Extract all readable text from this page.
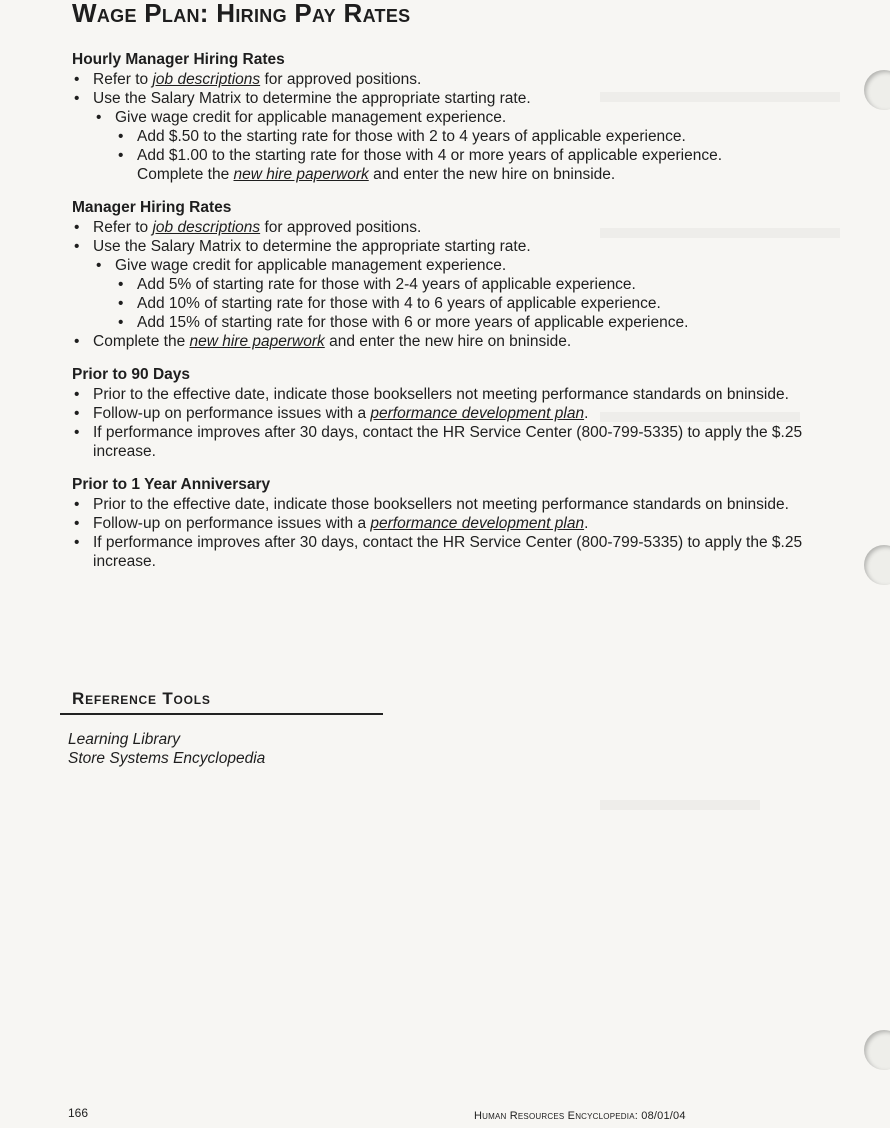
Wage Plan: Hiring Pay Rates
Hourly Manager Hiring Rates
• Refer to job descriptions for approved positions.
• Use the Salary Matrix to determine the appropriate starting rate.
• Give wage credit for applicable management experience.
• Add $.50 to the starting rate for those with 2 to 4 years of applicable experience.
• Add $1.00 to the starting rate for those with 4 or more years of applicable experience.
Complete the new hire paperwork and enter the new hire on bninside.
Manager Hiring Rates
• Refer to job descriptions for approved positions.
• Use the Salary Matrix to determine the appropriate starting rate.
• Give wage credit for applicable management experience.
• Add 5% of starting rate for those with 2-4 years of applicable experience.
• Add 10% of starting rate for those with 4 to 6 years of applicable experience.
• Add 15% of starting rate for those with 6 or more years of applicable experience.
• Complete the new hire paperwork and enter the new hire on bninside.
Prior to 90 Days
• Prior to the effective date, indicate those booksellers not meeting performance standards on bninside.
• Follow-up on performance issues with a performance development plan.
• If performance improves after 30 days, contact the HR Service Center (800-799-5335) to apply the $.25 increase.
Prior to 1 Year Anniversary
• Prior to the effective date, indicate those booksellers not meeting performance standards on bninside.
• Follow-up on performance issues with a performance development plan.
• If performance improves after 30 days, contact the HR Service Center (800-799-5335) to apply the $.25 increase.
Reference Tools
Learning Library
Store Systems Encyclopedia
166	Human Resources Encyclopedia: 08/01/04
